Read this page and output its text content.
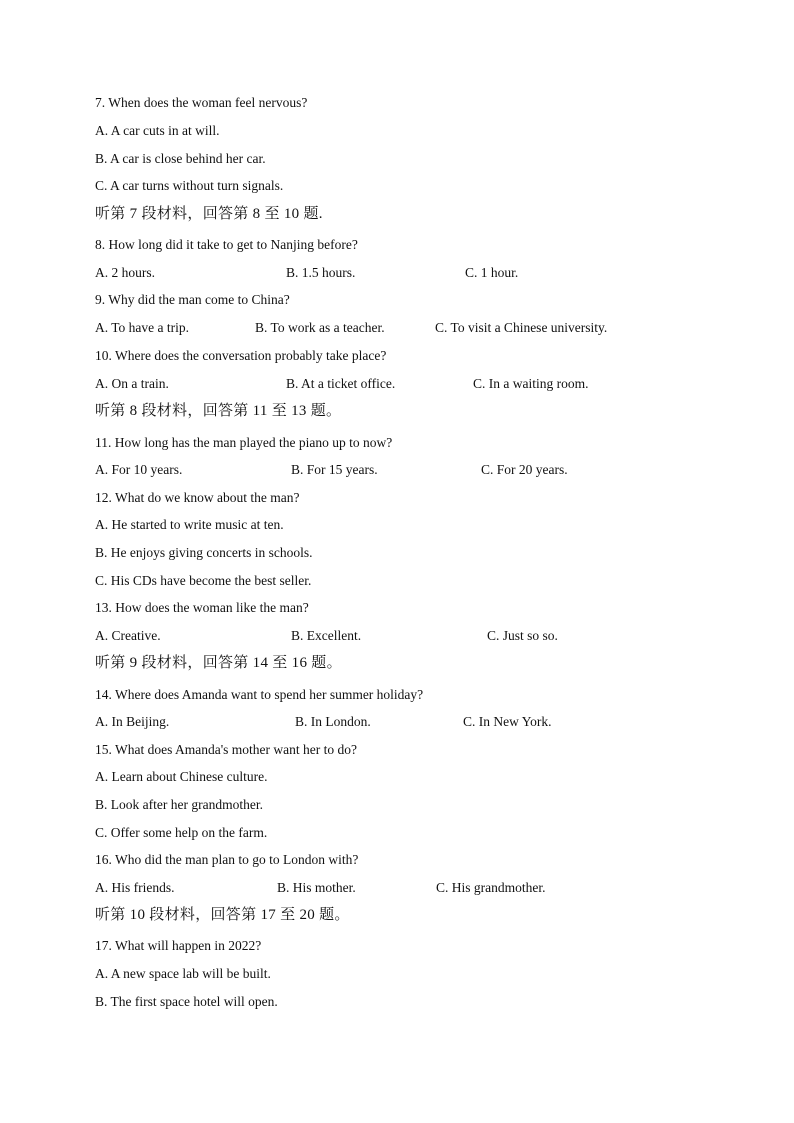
7. When does the woman feel nervous?

A. A car cuts in at will.

B. A car is close behind her car.

C. A car turns without turn signals.

听第 7 段材料，回答第 8 至 10 题.

8. How long did it take to get to Nanjing before?

A. 2 hours.	B. 1.5 hours.	C. 1 hour.

9. Why did the man come to China?

A. To have a trip.	B. To work as a teacher.	C. To visit a Chinese university.

10. Where does the conversation probably take place?

A. On a train.	B. At a ticket office.	C. In a waiting room.

听第 8 段材料，回答第 11 至 13 题。

11. How long has the man played the piano up to now?

A. For 10 years.	B. For 15 years.	C. For 20 years.

12. What do we know about the man?

A. He started to write music at ten.

B. He enjoys giving concerts in schools.

C. His CDs have become the best seller.

13. How does the woman like the man?

A. Creative.	B. Excellent.	C. Just so so.

听第 9 段材料，回答第 14 至 16 题。

14. Where does Amanda want to spend her summer holiday?

A. In Beijing.	B. In London.	C. In New York.

15. What does Amanda's mother want her to do?

A. Learn about Chinese culture.

B. Look after her grandmother.

C. Offer some help on the farm.

16. Who did the man plan to go to London with?

A. His friends.	B. His mother.	C. His grandmother.

听第 10 段材料，回答第 17 至 20 题。

17. What will happen in 2022?

A. A new space lab will be built.

B. The first space hotel will open.
